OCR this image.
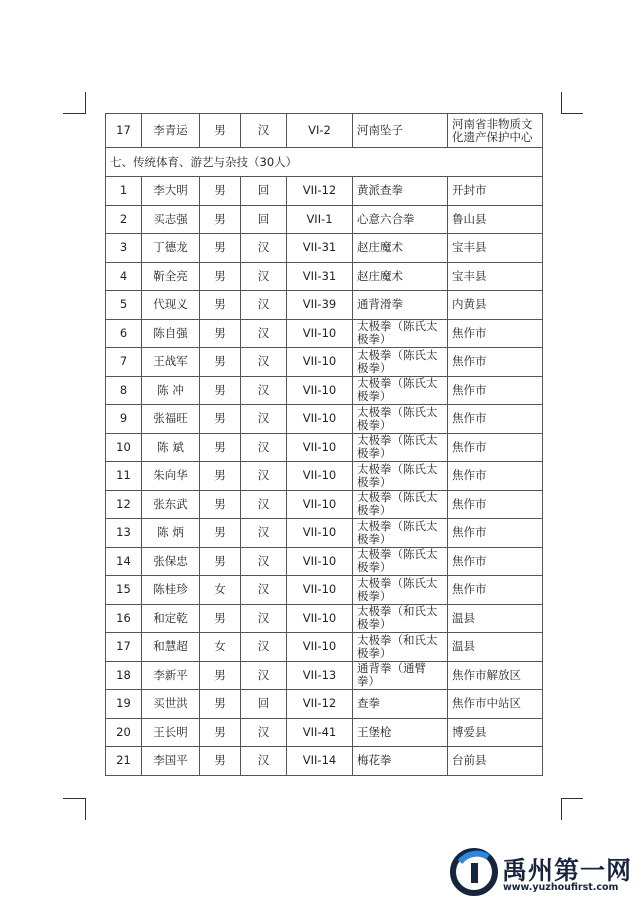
17	李青运	男	汉	VI-2	河南坠子	河南省非物质文化遗产保护中心
七、传统体育、游艺与杂技（30人）						
1	李大明	男	回	VII-12	黄派查拳	开封市
2	买志强	男	回	VII-1	心意六合拳	鲁山县
3	丁德龙	男	汉	VII-31	赵庄魔术	宝丰县
4	靳全亮	男	汉	VII-31	赵庄魔术	宝丰县
5	代现义	男	汉	VII-39	通背滑拳	内黄县
6	陈自强	男	汉	VII-10	太极拳（陈氏太极拳）	焦作市
7	王战军	男	汉	VII-10	太极拳（陈氏太极拳）	焦作市
8	陈 冲	男	汉	VII-10	太极拳（陈氏太极拳）	焦作市
9	张福旺	男	汉	VII-10	太极拳（陈氏太极拳）	焦作市
10	陈 斌	男	汉	VII-10	太极拳（陈氏太极拳）	焦作市
11	朱向华	男	汉	VII-10	太极拳（陈氏太极拳）	焦作市
12	张东武	男	汉	VII-10	太极拳（陈氏太极拳）	焦作市
13	陈 炳	男	汉	VII-10	太极拳（陈氏太极拳）	焦作市
14	张保忠	男	汉	VII-10	太极拳（陈氏太极拳）	焦作市
15	陈桂珍	女	汉	VII-10	太极拳（陈氏太极拳）	焦作市
16	和定乾	男	汉	VII-10	太极拳（和氏太极拳）	温县
17	和慧超	女	汉	VII-10	太极拳（和氏太极拳）	温县
18	李新平	男	汉	VII-13	通背拳（通臂拳）	焦作市解放区
19	买世洪	男	回	VII-12	查拳	焦作市中站区
20	王长明	男	汉	VII-41	王堡枪	博爱县
21	李国平	男	汉	VII-14	梅花拳	台前县
禹州第一网
www.yuzhoufirst.com
